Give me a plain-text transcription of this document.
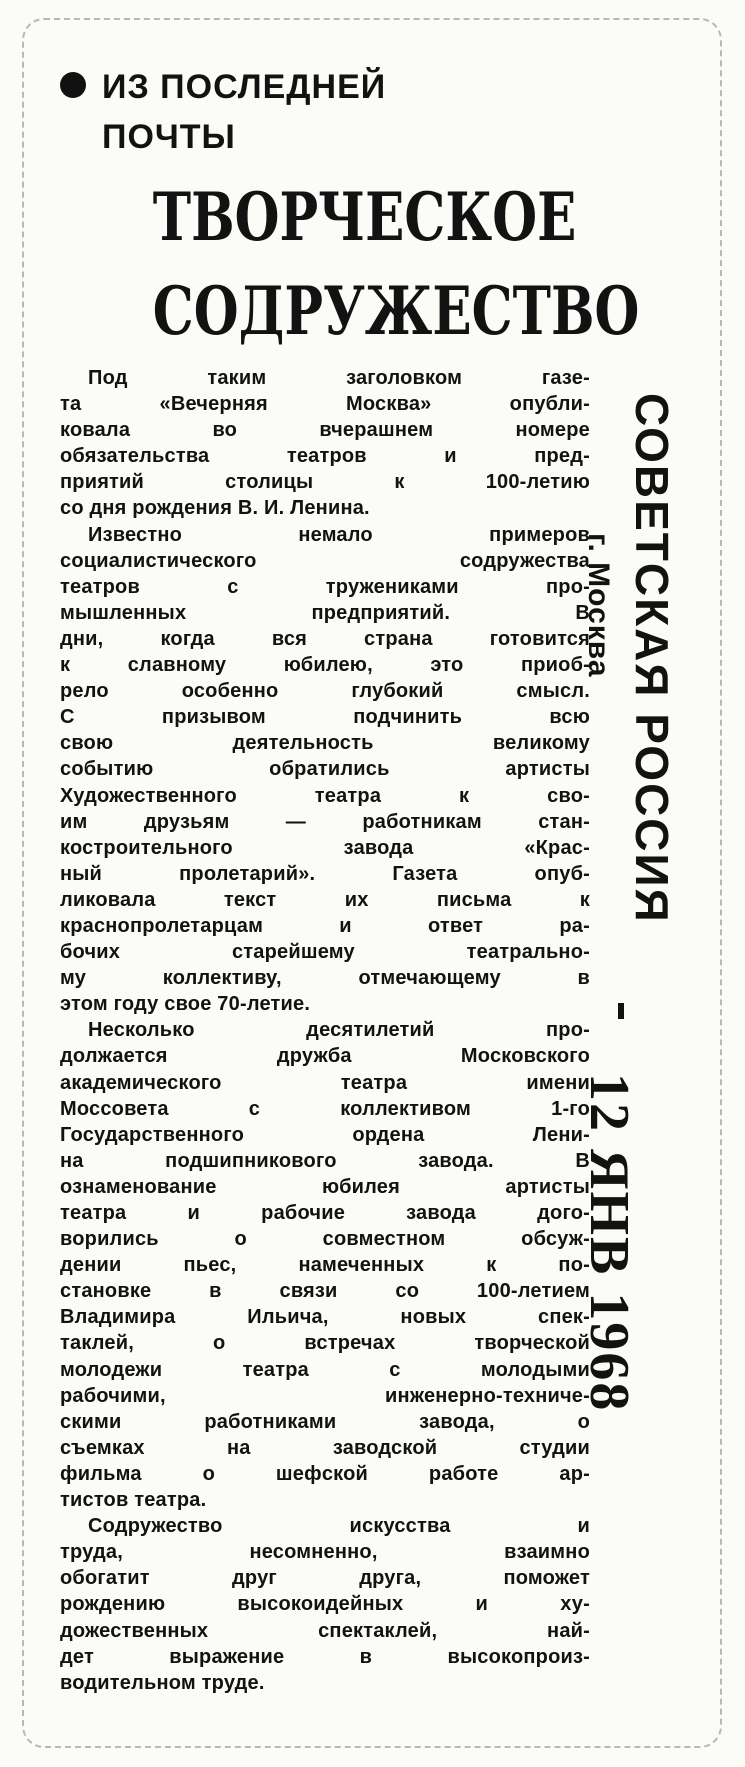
ИЗ ПОСЛЕДНЕЙ
ПОЧТЫ
ТВОРЧЕСКОЕ
СОДРУЖЕСТВО
Под таким заголовком газе-
та «Вечерняя Москва» опубли-
ковала во вчерашнем номере
обязательства театров и пред-
приятий столицы к 100-летию
со дня рождения В. И. Ленина.
Известно немало примеров
социалистического содружества
театров с тружениками про-
мышленных предприятий. В
дни, когда вся страна готовится
к славному юбилею, это приоб-
рело особенно глубокий смысл.
С призывом подчинить всю
свою деятельность великому
событию обратились артисты
Художественного театра к сво-
им друзьям — работникам стан-
костроительного завода «Крас-
ный пролетарий». Газета опуб-
ликовала текст их письма к
краснопролетарцам и ответ ра-
бочих старейшему театрально-
му коллективу, отмечающему в
этом году свое 70-летие.
Несколько десятилетий про-
должается дружба Московского
академического театра имени
Моссовета с коллективом 1-го
Государственного ордена Лени-
на подшипникового завода. В
ознаменование юбилея артисты
театра и рабочие завода дого-
ворились о совместном обсуж-
дении пьес, намеченных к по-
становке в связи со 100-летием
Владимира Ильича, новых спек-
таклей, о встречах творческой
молодежи театра с молодыми
рабочими, инженерно-техниче-
скими работниками завода, о
съемках на заводской студии
фильма о шефской работе ар-
тистов театра.
Содружество искусства и
труда, несомненно, взаимно
обогатит друг друга, поможет
рождению высокоидейных и ху-
дожественных спектаклей, най-
дет выражение в высокопроиз-
водительном труде.
СОВЕТСКАЯ РОССИЯ
г. Москва
12 ЯНВ 1968
